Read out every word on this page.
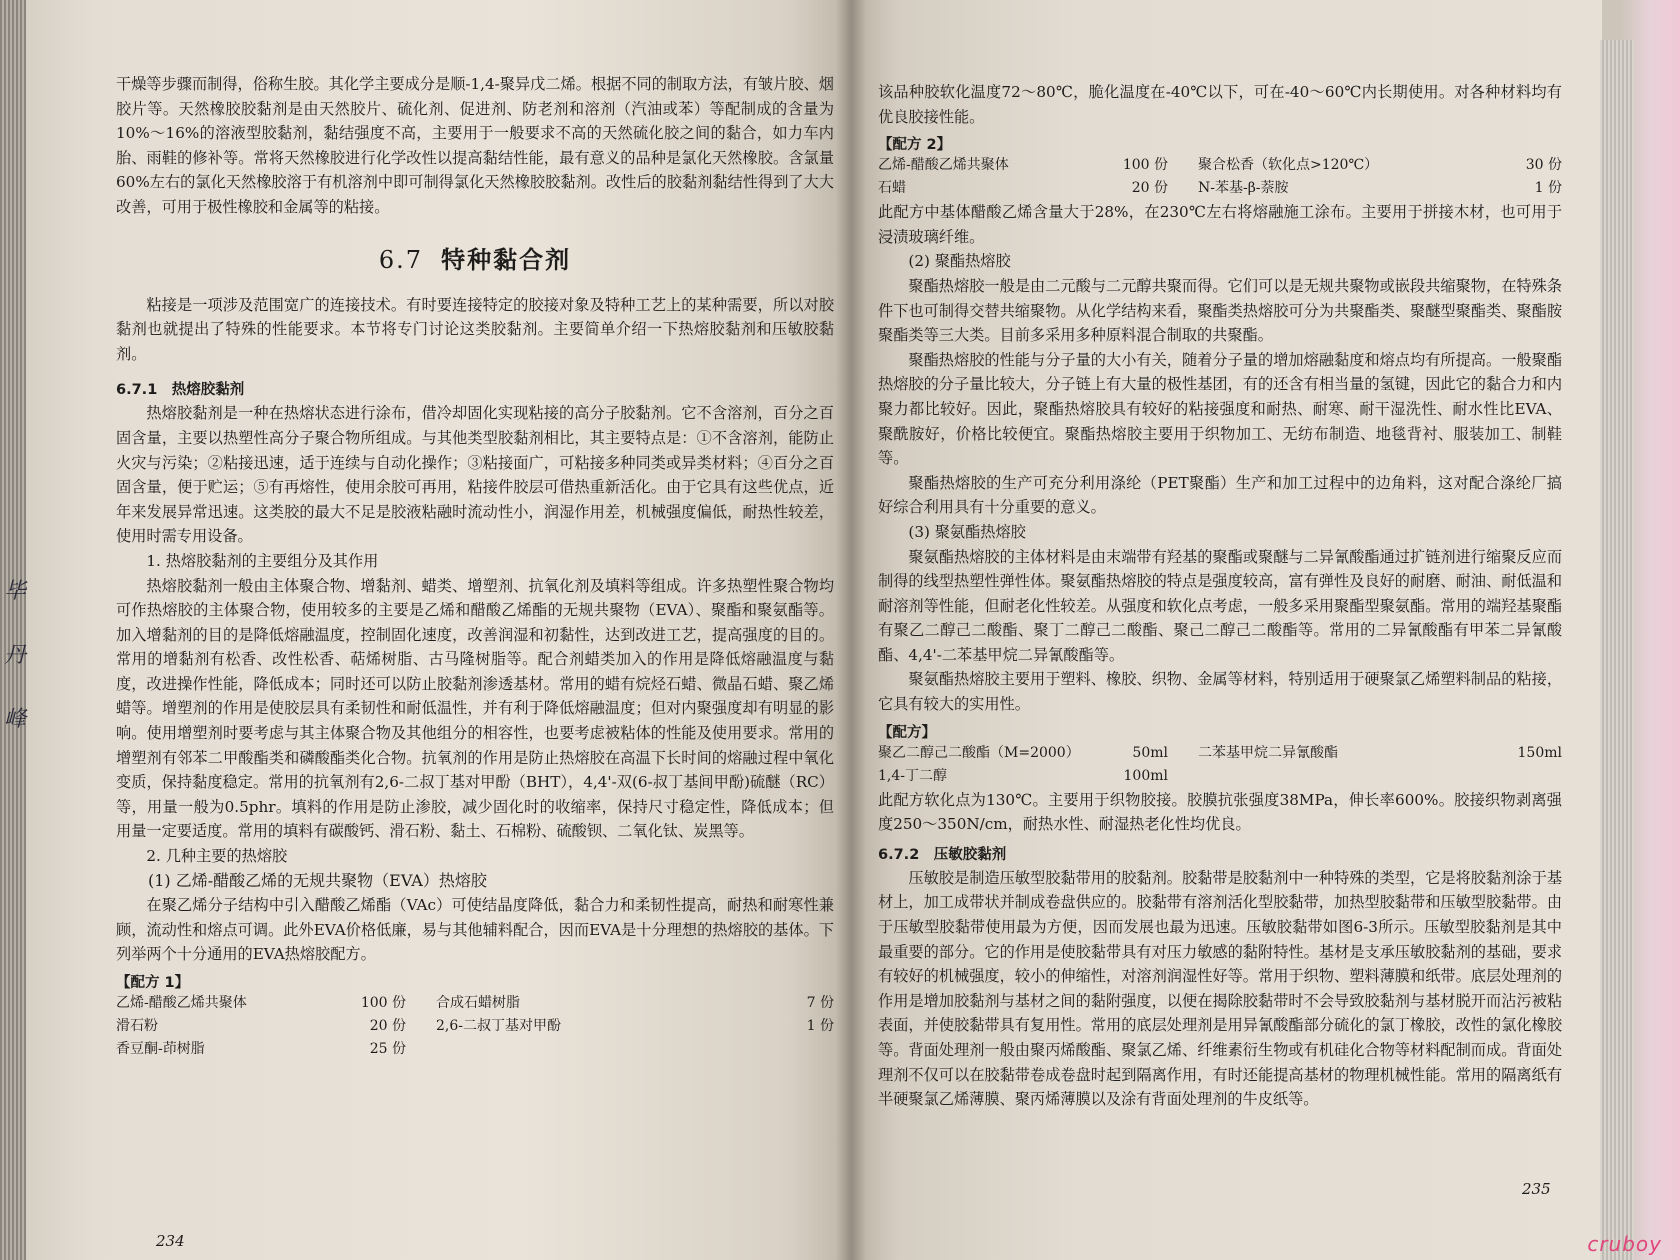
干燥等步骤而制得，俗称生胶。其化学主要成分是顺-1,4-聚异戊二烯。根据不同的制取方法，有皱片胶、烟胶片等。天然橡胶胶黏剂是由天然胶片、硫化剂、促进剂、防老剂和溶剂（汽油或苯）等配制成的含量为10%～16%的溶液型胶黏剂，黏结强度不高，主要用于一般要求不高的天然硫化胶之间的黏合，如力车内胎、雨鞋的修补等。常将天然橡胶进行化学改性以提高黏结性能，最有意义的品种是氯化天然橡胶。含氯量60%左右的氯化天然橡胶溶于有机溶剂中即可制得氯化天然橡胶胶黏剂。改性后的胶黏剂黏结性得到了大大改善，可用于极性橡胶和金属等的粘接。

6.7 特种黏合剂

粘接是一项涉及范围宽广的连接技术。有时要连接特定的胶接对象及特种工艺上的某种需要，所以对胶黏剂也就提出了特殊的性能要求。本节将专门讨论这类胶黏剂。主要简单介绍一下热熔胶黏剂和压敏胶黏剂。

6.7.1　热熔胶黏剂

热熔胶黏剂是一种在热熔状态进行涂布，借冷却固化实现粘接的高分子胶黏剂。它不含溶剂，百分之百固含量，主要以热塑性高分子聚合物所组成。与其他类型胶黏剂相比，其主要特点是：①不含溶剂，能防止火灾与污染；②粘接迅速，适于连续与自动化操作；③粘接面广，可粘接多种同类或异类材料；④百分之百固含量，便于贮运；⑤有再熔性，使用余胶可再用，粘接件胶层可借热重新活化。由于它具有这些优点，近年来发展异常迅速。这类胶的最大不足是胶液粘融时流动性小，润湿作用差，机械强度偏低，耐热性较差，使用时需专用设备。

1. 热熔胶黏剂的主要组分及其作用

热熔胶黏剂一般由主体聚合物、增黏剂、蜡类、增塑剂、抗氧化剂及填料等组成。许多热塑性聚合物均可作热熔胶的主体聚合物，使用较多的主要是乙烯和醋酸乙烯酯的无规共聚物（EVA）、聚酯和聚氨酯等。加入增黏剂的目的是降低熔融温度，控制固化速度，改善润湿和初黏性，达到改进工艺，提高强度的目的。常用的增黏剂有松香、改性松香、萜烯树脂、古马隆树脂等。配合剂蜡类加入的作用是降低熔融温度与黏度，改进操作性能，降低成本；同时还可以防止胶黏剂渗透基材。常用的蜡有烷烃石蜡、微晶石蜡、聚乙烯蜡等。增塑剂的作用是使胶层具有柔韧性和耐低温性，并有利于降低熔融温度；但对内聚强度却有明显的影响。使用增塑剂时要考虑与其主体聚合物及其他组分的相容性，也要考虑被粘体的性能及使用要求。常用的增塑剂有邻苯二甲酸酯类和磷酸酯类化合物。抗氧剂的作用是防止热熔胶在高温下长时间的熔融过程中氧化变质，保持黏度稳定。常用的抗氧剂有2,6-二叔丁基对甲酚（BHT），4,4'-双(6-叔丁基间甲酚)硫醚（RC）等，用量一般为0.5phr。填料的作用是防止渗胶，减少固化时的收缩率，保持尺寸稳定性，降低成本；但用量一定要适度。常用的填料有碳酸钙、滑石粉、黏土、石棉粉、硫酸钡、二氧化钛、炭黑等。

2. 几种主要的热熔胶

(1) 乙烯-醋酸乙烯的无规共聚物（EVA）热熔胶

在聚乙烯分子结构中引入醋酸乙烯酯（VAc）可使结晶度降低，黏合力和柔韧性提高，耐热和耐寒性兼顾，流动性和熔点可调。此外EVA价格低廉，易与其他辅料配合，因而EVA是十分理想的热熔胶的基体。下列举两个十分通用的EVA热熔胶配方。

【配方 1】
乙烯-醋酸乙烯共聚体	100 份	合成石蜡树脂	7 份
滑石粉	20 份	2,6-二叔丁基对甲酚	1 份
香豆酮-茚树脂	25 份
234

该品种胶软化温度72～80℃，脆化温度在-40℃以下，可在-40～60℃内长期使用。对各种材料均有优良胶接性能。

【配方 2】
乙烯-醋酸乙烯共聚体	100 份	聚合松香（软化点>120℃）	30 份
石蜡	20 份	N-苯基-β-萘胺	1 份

此配方中基体醋酸乙烯含量大于28%，在230℃左右将熔融施工涂布。主要用于拼接木材，也可用于浸渍玻璃纤维。

(2) 聚酯热熔胶

聚酯热熔胶一般是由二元酸与二元醇共聚而得。它们可以是无规共聚物或嵌段共缩聚物，在特殊条件下也可制得交替共缩聚物。从化学结构来看，聚酯类热熔胶可分为共聚酯类、聚醚型聚酯类、聚酯胺聚酯类等三大类。目前多采用多种原料混合制取的共聚酯。

聚酯热熔胶的性能与分子量的大小有关，随着分子量的增加熔融黏度和熔点均有所提高。一般聚酯热熔胶的分子量比较大，分子链上有大量的极性基团，有的还含有相当量的氢键，因此它的黏合力和内聚力都比较好。因此，聚酯热熔胶具有较好的粘接强度和耐热、耐寒、耐干湿洗性、耐水性比EVA、聚酰胺好，价格比较便宜。聚酯热熔胶主要用于织物加工、无纺布制造、地毯背衬、服装加工、制鞋等。

聚酯热熔胶的生产可充分利用涤纶（PET聚酯）生产和加工过程中的边角料，这对配合涤纶厂搞好综合利用具有十分重要的意义。

(3) 聚氨酯热熔胶

聚氨酯热熔胶的主体材料是由末端带有羟基的聚酯或聚醚与二异氰酸酯通过扩链剂进行缩聚反应而制得的线型热塑性弹性体。聚氨酯热熔胶的特点是强度较高，富有弹性及良好的耐磨、耐油、耐低温和耐溶剂等性能，但耐老化性较差。从强度和软化点考虑，一般多采用聚酯型聚氨酯。常用的端羟基聚酯有聚乙二醇己二酸酯、聚丁二醇己二酸酯、聚己二醇己二酸酯等。常用的二异氰酸酯有甲苯二异氰酸酯、4,4'-二苯基甲烷二异氰酸酯等。

聚氨酯热熔胶主要用于塑料、橡胶、织物、金属等材料，特别适用于硬聚氯乙烯塑料制品的粘接，它具有较大的实用性。

【配方】
聚乙二醇己二酸酯（M=2000）	50ml	二苯基甲烷二异氰酸酯	150ml
1,4-丁二醇	100ml

此配方软化点为130℃。主要用于织物胶接。胶膜抗张强度38MPa，伸长率600%。胶接织物剥离强度250～350N/cm，耐热水性、耐湿热老化性均优良。

6.7.2　压敏胶黏剂

压敏胶是制造压敏型胶黏带用的胶黏剂。胶黏带是胶黏剂中一种特殊的类型，它是将胶黏剂涂于基材上，加工成带状并制成卷盘供应的。胶黏带有溶剂活化型胶黏带，加热型胶黏带和压敏型胶黏带。由于压敏型胶黏带使用最为方便，因而发展也最为迅速。压敏胶黏带如图6-3所示。压敏型胶黏剂是其中最重要的部分。它的作用是使胶黏带具有对压力敏感的黏附特性。基材是支承压敏胶黏剂的基础，要求有较好的机械强度，较小的伸缩性，对溶剂润湿性好等。常用于织物、塑料薄膜和纸带。底层处理剂的作用是增加胶黏剂与基材之间的黏附强度，以便在揭除胶黏带时不会导致胶黏剂与基材脱开而沾污被粘表面，并使胶黏带具有复用性。常用的底层处理剂是用异氰酸酯部分硫化的氯丁橡胶，改性的氯化橡胶等。背面处理剂一般由聚丙烯酸酯、聚氯乙烯、纤维素衍生物或有机硅化合物等材料配制而成。背面处理剂不仅可以在胶黏带卷成卷盘时起到隔离作用，有时还能提高基材的物理机械性能。常用的隔离纸有半硬聚氯乙烯薄膜、聚丙烯薄膜以及涂有背面处理剂的牛皮纸等。

235
毕 丹 峰
cruboy
